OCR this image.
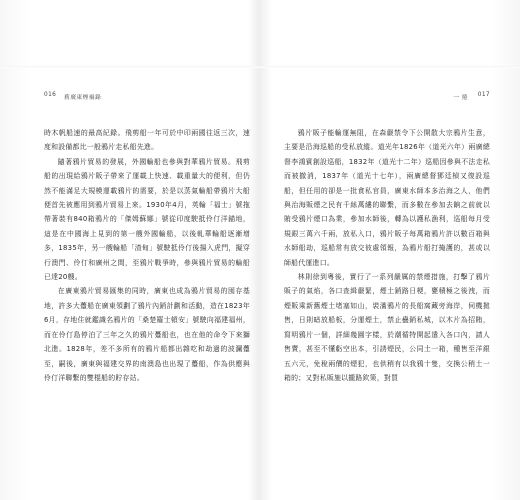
016 舊廣東煙禍錄

時木帆船速的最高紀錄。飛剪船一年可於中印兩國往返三次，速度和設備都比一般鴉片走私船先進。

隨著鴉片貿易的發展，外國輪船也參與對華鴉片貿易。飛剪船的出現給鴉片販子帶來了運載上快速、載重量大的便利，但仍然不能滿足大規模運載鴉片的需要，於是以蒸氣輪船帶鴉片大船便首先被應用到鴉片貿易上來。1930年4月，英輪「福士」號拖帶著裝有840箱鴉片的「傑姆蘇娜」號從印度駛抵伶仃洋錨地，這是在中國海上見到的第一艘外國輪船，以後軋華輪船逐漸增多，1835年，另一艘輪船「渣甸」號駛抵伶仃後揚入虎門，擬穿行澳門、伶仃和廣州之間，至鴉片戰爭時，參與鴉片貿易的輪船已達20艘。

在廣東鴉片貿易匯集的同時，廣東也成為鴉片貿易的囤存基地，許多大躉船在廣東領劃了鴉片內銷計劃和活動，造在1823年6月，存地住就鑑識名鴉片的「桑楚羅士頓安」號駛向福建福州，而在伶仃島停泊了三年之久的鴉片躉船也，也在他的命令下來獅北進。1828年，差不多所有的鴉片船都出雜吃和劫過的波瀾躉至，嗣後，廣東與福建交界的南澳島也出現了躉船，作為供應與伶仃洋聯繫的雙棍船的貯存站。

一 捲 017

鴉片販子能輪運無阻，在森嚴禁令下公開散大宗鴉片生意，主要是沿海巡船的受私放縱。道光年1826年（道光六年）兩廣總督李鴻賓創設巡船，1832年（道光十二年）巡船因參與不法走私而被撤消，1837年（道光十七年），兩廣總督鄧廷楨又復設巡船，但任用的卻是一批貪私官員，廣東水師本多治海之人，他們與治海販煙之民有千絲萬縷的聯繫，而多數在參加去餉之前就以賄受鴉片煙口為業，參加水師後，轉為以護私漁利，巡船每月受規銀三萬六千兩，放私入口，鴉片販子每萬箱鴉片許以數百箱與水師船劫，巡船常有放交彼處領報，為鴉片船打掩護的，甚或以師船代運進口。

林則徐到粵後，實行了一系列嚴厲的禁煙措施，打擊了鴉片販子的氣焰，各口查緝嚴緊，煙土銷路日梗，甕積極之後洩，而煙販乘新舊煙土堵塞如山，裝滿鴉片的長船窩藏旁海岸，伺機拋售，日則暗放船板，分運煙土，禁止蠱銷私城，以木片為招賄，寫明鴉片一個，詳細幾圓字樣，於潮循特開起遣入各口內，請人售賣，甚至不懂虧空出本，引誘煙民，公同土一箱，種售至洋銀五六元，免稅兩價的煙犯，也供稍有以我鴉十隻，交換公稍土一箱的；又對私販施以攏路欽策，對買
